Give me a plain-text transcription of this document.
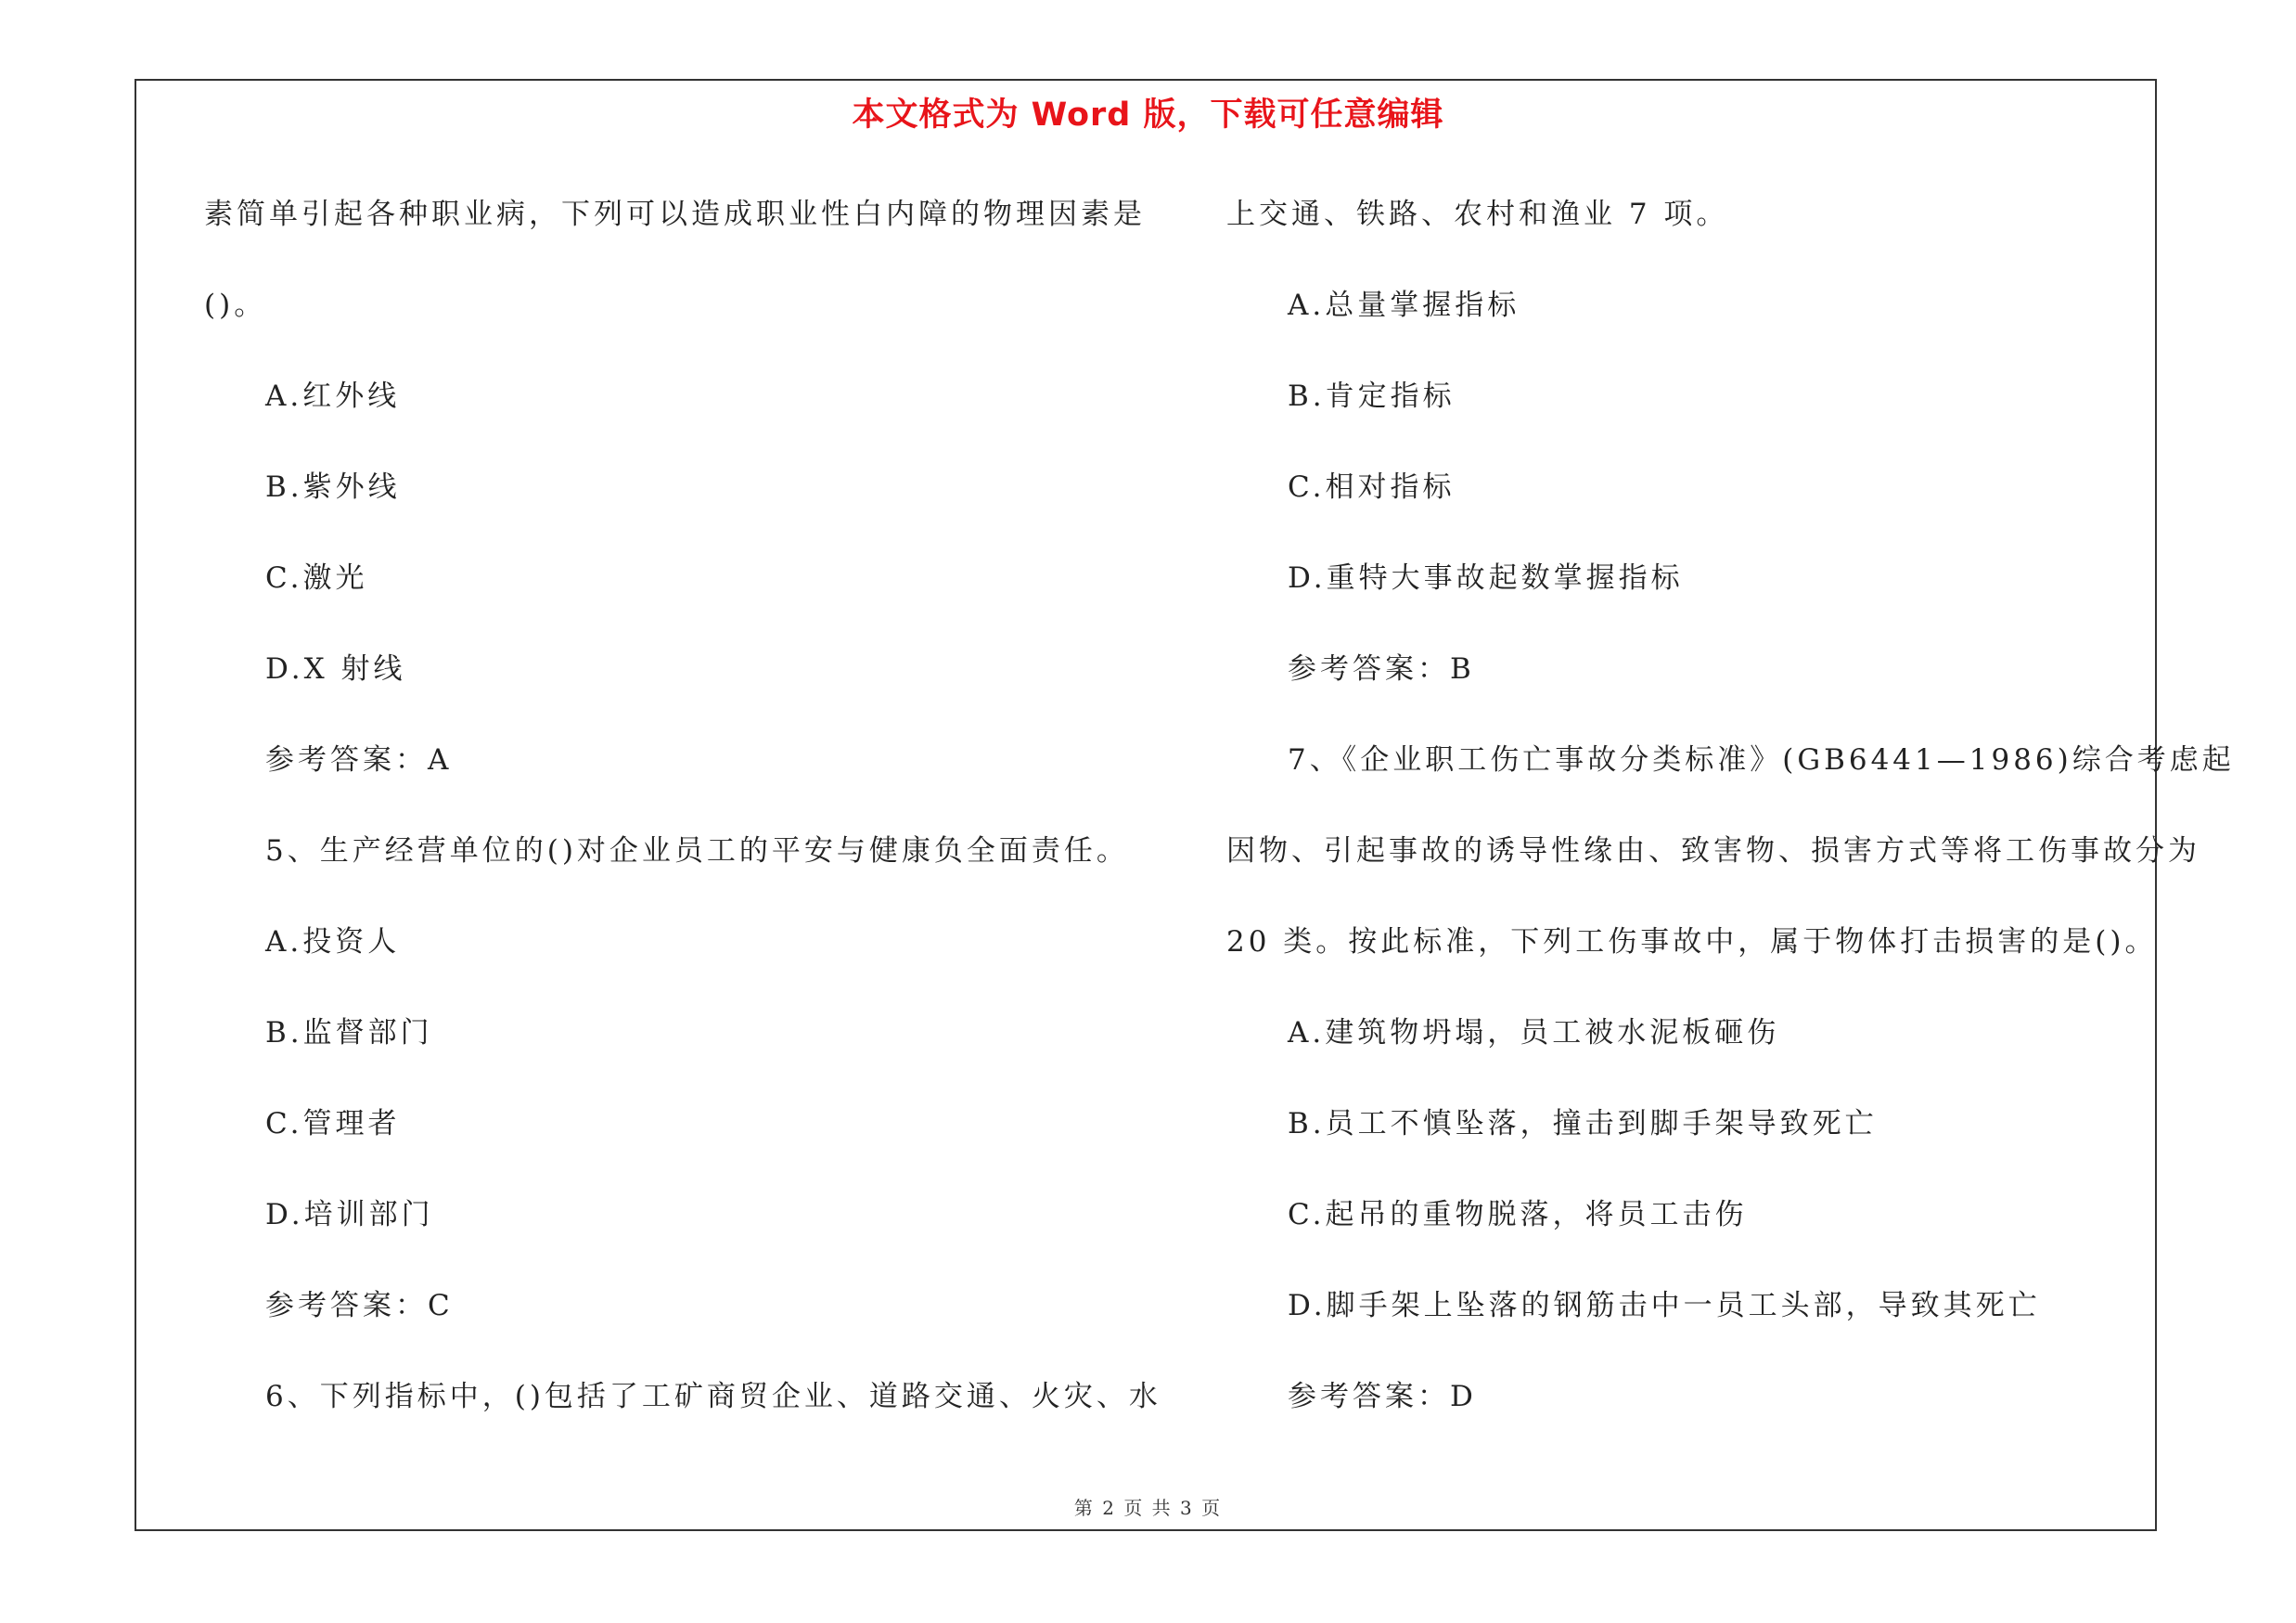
本文格式为 Word 版，下载可任意编辑
素简单引起各种职业病，下列可以造成职业性白内障的物理因素是
()。
A.红外线
B.紫外线
C.激光
D.X 射线
参考答案：A
5、生产经营单位的()对企业员工的平安与健康负全面责任。
A.投资人
B.监督部门
C.管理者
D.培训部门
参考答案：C
6、下列指标中，()包括了工矿商贸企业、道路交通、火灾、水
上交通、铁路、农村和渔业 7 项。
A.总量掌握指标
B.肯定指标
C.相对指标
D.重特大事故起数掌握指标
参考答案：B
7、《企业职工伤亡事故分类标准》(GB6441—1986)综合考虑起
因物、引起事故的诱导性缘由、致害物、损害方式等将工伤事故分为
20 类。按此标准，下列工伤事故中，属于物体打击损害的是()。
A.建筑物坍塌，员工被水泥板砸伤
B.员工不慎坠落，撞击到脚手架导致死亡
C.起吊的重物脱落，将员工击伤
D.脚手架上坠落的钢筋击中一员工头部，导致其死亡
参考答案：D
第 2 页 共 3 页
